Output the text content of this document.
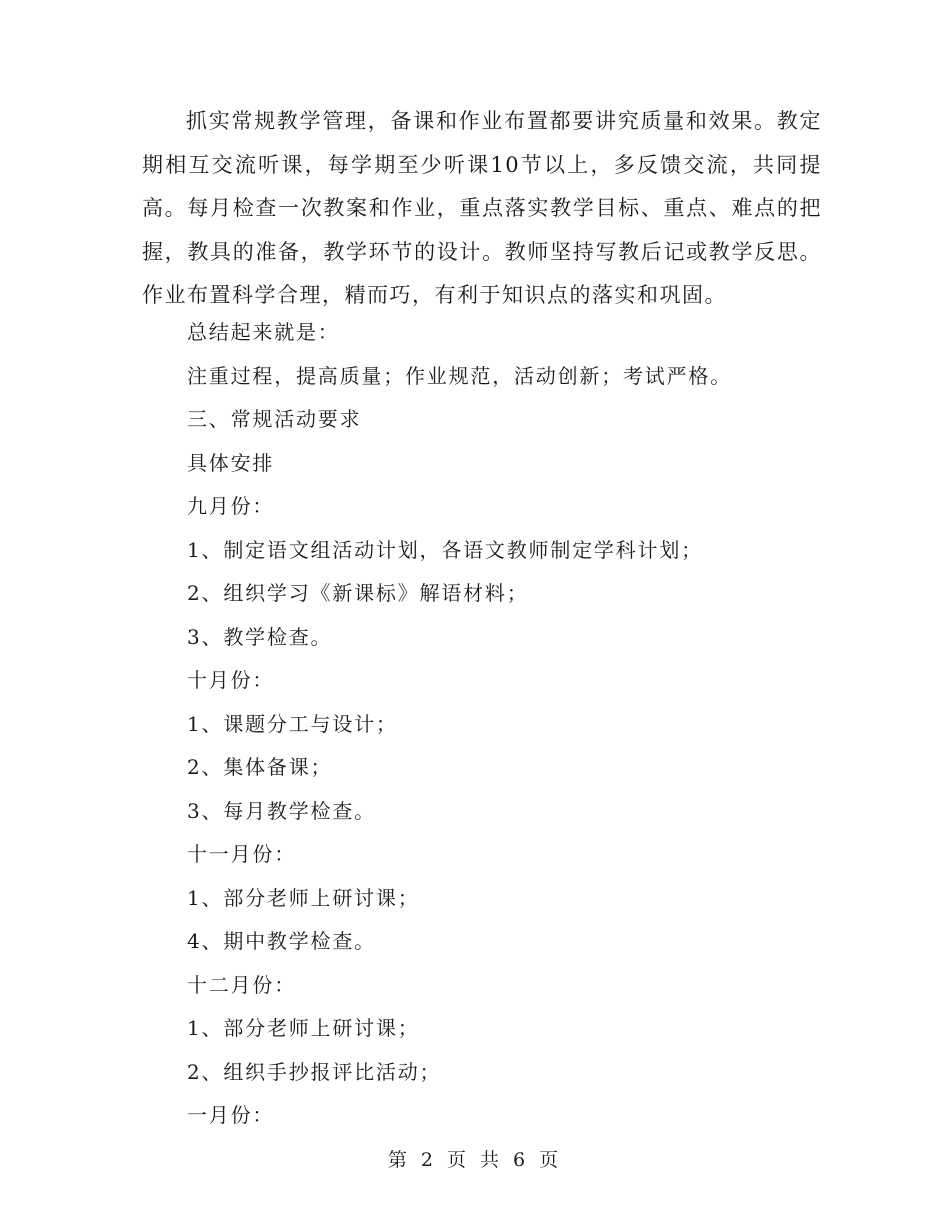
抓实常规教学管理，备课和作业布置都要讲究质量和效果。教定期相互交流听课，每学期至少听课10节以上，多反馈交流，共同提高。每月检查一次教案和作业，重点落实教学目标、重点、难点的把握，教具的准备，教学环节的设计。教师坚持写教后记或教学反思。作业布置科学合理，精而巧，有利于知识点的落实和巩固。

总结起来就是：

注重过程，提高质量；作业规范，活动创新；考试严格。

三、常规活动要求

具体安排

九月份：

1、制定语文组活动计划，各语文教师制定学科计划；

2、组织学习《新课标》解语材料；

3、教学检查。

十月份：

1、课题分工与设计；

2、集体备课；

3、每月教学检查。

十一月份：

1、部分老师上研讨课；

4、期中教学检查。

十二月份：

1、部分老师上研讨课；

2、组织手抄报评比活动；

一月份：

第 2 页 共 6 页
